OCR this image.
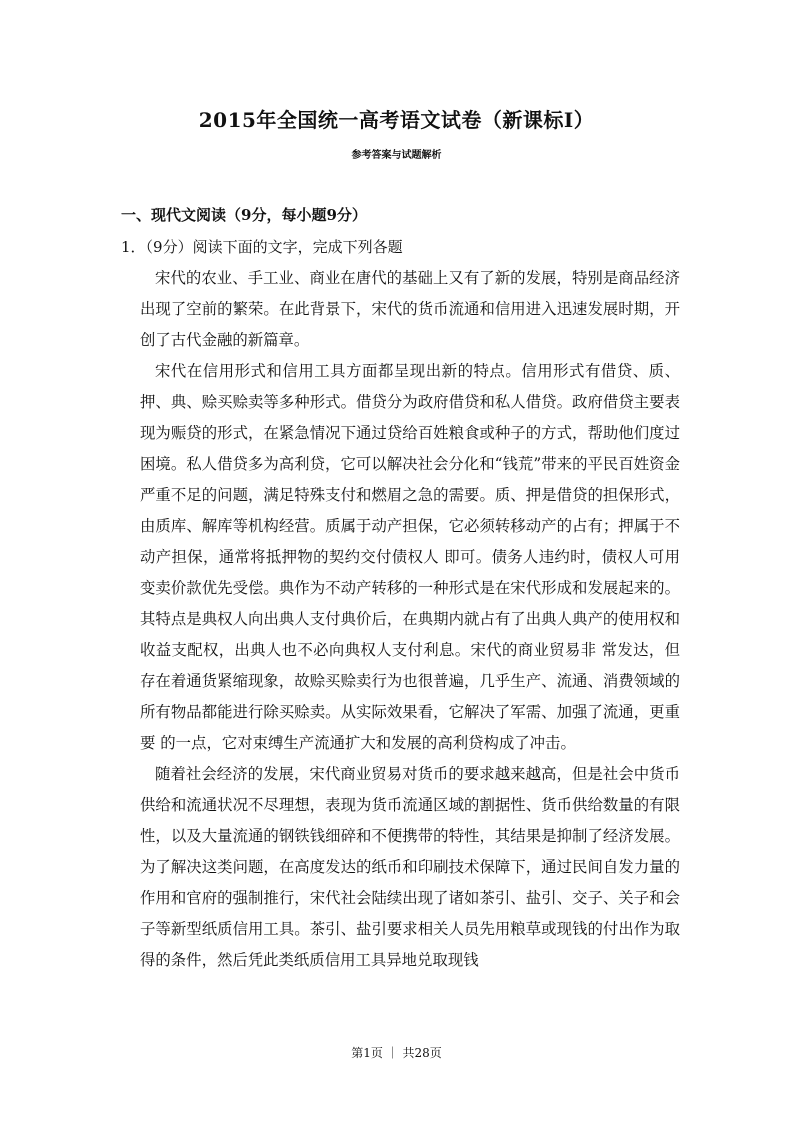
2015年全国统一高考语文试卷（新课标I）
参考答案与试题解析
一、现代文阅读（9分，每小题9分）
1．（9分）阅读下面的文字，完成下列各题

宋代的农业、手工业、商业在唐代的基础上又有了新的发展，特别是商品经济出现了空前的繁荣。在此背景下，宋代的货币流通和信用进入迅速发展时期，开创了古代金融的新篇章。

宋代在信用形式和信用工具方面都呈现出新的特点。信用形式有借贷、质、押、典、赊买赊卖等多种形式。借贷分为政府借贷和私人借贷。政府借贷主要表现为赈贷的形式，在紧急情况下通过贷给百姓粮食或种子的方式，帮助他们度过困境。私人借贷多为高利贷，它可以解决社会分化和“钱荒”带来的平民百姓资金严重不足的问题，满足特殊支付和燃眉之急的需要。质、押是借贷的担保形式，由质库、解库等机构经营。质属于动产担保，它必须转移动产的占有；押属于不动产担保，通常将抵押物的契约交付债权人 即可。债务人违约时，债权人可用变卖价款优先受偿。典作为不动产转移的一种形式是在宋代形成和发展起来的。其特点是典权人向出典人支付典价后，在典期内就占有了出典人典产的使用权和收益支配权，出典人也不必向典权人支付利息。宋代的商业贸易非 常发达，但存在着通货紧缩现象，故赊买赊卖行为也很普遍，几乎生产、流通、消费领域的所有物品都能进行除买赊卖。从实际效果看，它解决了军需、加强了流通，更重要 的一点，它对束缚生产流通扩大和发展的高利贷构成了冲击。

随着社会经济的发展，宋代商业贸易对货币的要求越来越高，但是社会中货币供给和流通状况不尽理想，表现为货币流通区域的割据性、货币供给数量的有限性，以及大量流通的钢铁钱细碎和不便携带的特性，其结果是抑制了经济发展。为了解决这类问题，在高度发达的纸币和印刷技术保障下，通过民间自发力量的作用和官府的强制推行，宋代社会陆续出现了诸如茶引、盐引、交子、关子和会子等新型纸质信用工具。茶引、盐引要求相关人员先用粮草或现钱的付出作为取得的条件，然后凭此类纸质信用工具异地兑取现钱

第1页 ｜ 共28页
